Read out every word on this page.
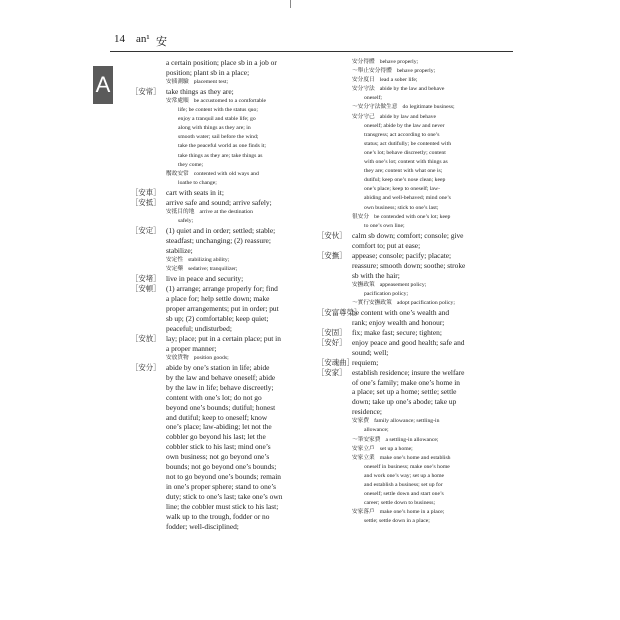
14 an¹ 安
A
a certain position; place sb in a job or
position; plant sb in a place;
安插測驗 placement test;
［安常］ take things as they are;
安常處順 be accustomed to a comfortable
life; be content with the status quo;
enjoy a tranquil and stable life; go
along with things as they are; in
smooth water; sail before the wind;
take the peaceful world as one finds it;
take things as they are; take things as
they come;
饜故安常 contented with old ways and
loathe to change;
［安車］ cart with seats in it;
［安抵］ arrive safe and sound; arrive safely;
安抵目的地 arrive at the destination
safely;
［安定］ (1) quiet and in order; settled; stable;
steadfast; unchanging; (2) reassure;
stabilize;
安定性 stabilizing ability;
安定藥 sedative; tranquilizer;
［安堵］ live in peace and security;
［安頓］ (1) arrange; arrange properly for; find
a place for; help settle down; make
proper arrangements; put in order; put
sb up; (2) comfortable; keep quiet;
peaceful; undisturbed;
［安放］ lay; place; put in a certain place; put in
a proper manner;
安放貨物 position goods;
［安分］ abide by one’s station in life; abide
by the law and behave oneself; abide
by the law in life; behave discreetly;
content with one’s lot; do not go
beyond one’s bounds; dutiful; honest
and dutiful; keep to oneself; know
one’s place; law-abiding; let not the
cobbler go beyond his last; let the
cobbler stick to his last; mind one’s
own business; not go beyond one’s
bounds; not go beyond one’s bounds;
not to go beyond one’s bounds; remain
in one’s proper sphere; stand to one’s
duty; stick to one’s last; take one’s own
line; the cobbler must stick to his last;
walk up to the trough, fodder or no
fodder; well-disciplined;
安分得體 behave properly;
～舉止安分得體 behave properly;
安分度日 lead a sober life;
安分守法 abide by the law and behave
oneself;
～安分守法做生意 do legitimate business;
安分守己 abide by law and behave
oneself; abide by the law and never
transgress; act according to one’s
status; act dutifully; be contented with
one’s lot; behave discreetly; content
with one’s lot; content with things as
they are; content with what one is;
dutiful; keep one’s nose clean; keep
one’s place; keep to oneself; law-
abiding and well-behaved; mind one’s
own business; stick to one’s last;
很安分 be contended with one’s lot; keep
to one’s own line;
［安伙］ calm sb down; comfort; console; give
comfort to; put at ease;
［安撫］ appease; console; pacify; placate;
reassure; smooth down; soothe; stroke
sb with the hair;
安撫政策 appeasement policy;
pacification policy;
～實行安撫政策 adopt pacification policy;
［安富尊榮］
be content with one’s wealth and
rank; enjoy wealth and honour;
［安固］ fix; make fast; secure; tighten;
［安好］ enjoy peace and good health; safe and
sound; well;
［安魂曲］
requiem;
［安家］ establish residence; insure the welfare
of one’s family; make one’s home in
a place; set up a home; settle; settle
down; take up one’s abode; take up
residence;
安家費 family allowance; settling-in
allowance;
～筆安家費 a settling-in allowance;
安家立戶 set up a home;
安家立業 make one’s home and establish
oneself in business; make one’s home
and work one’s way; set up a home
and establish a business; set up for
oneself; settle down and start one’s
career; settle down to business;
安家落戶 make one’s home in a place;
settle; settle down in a place;
